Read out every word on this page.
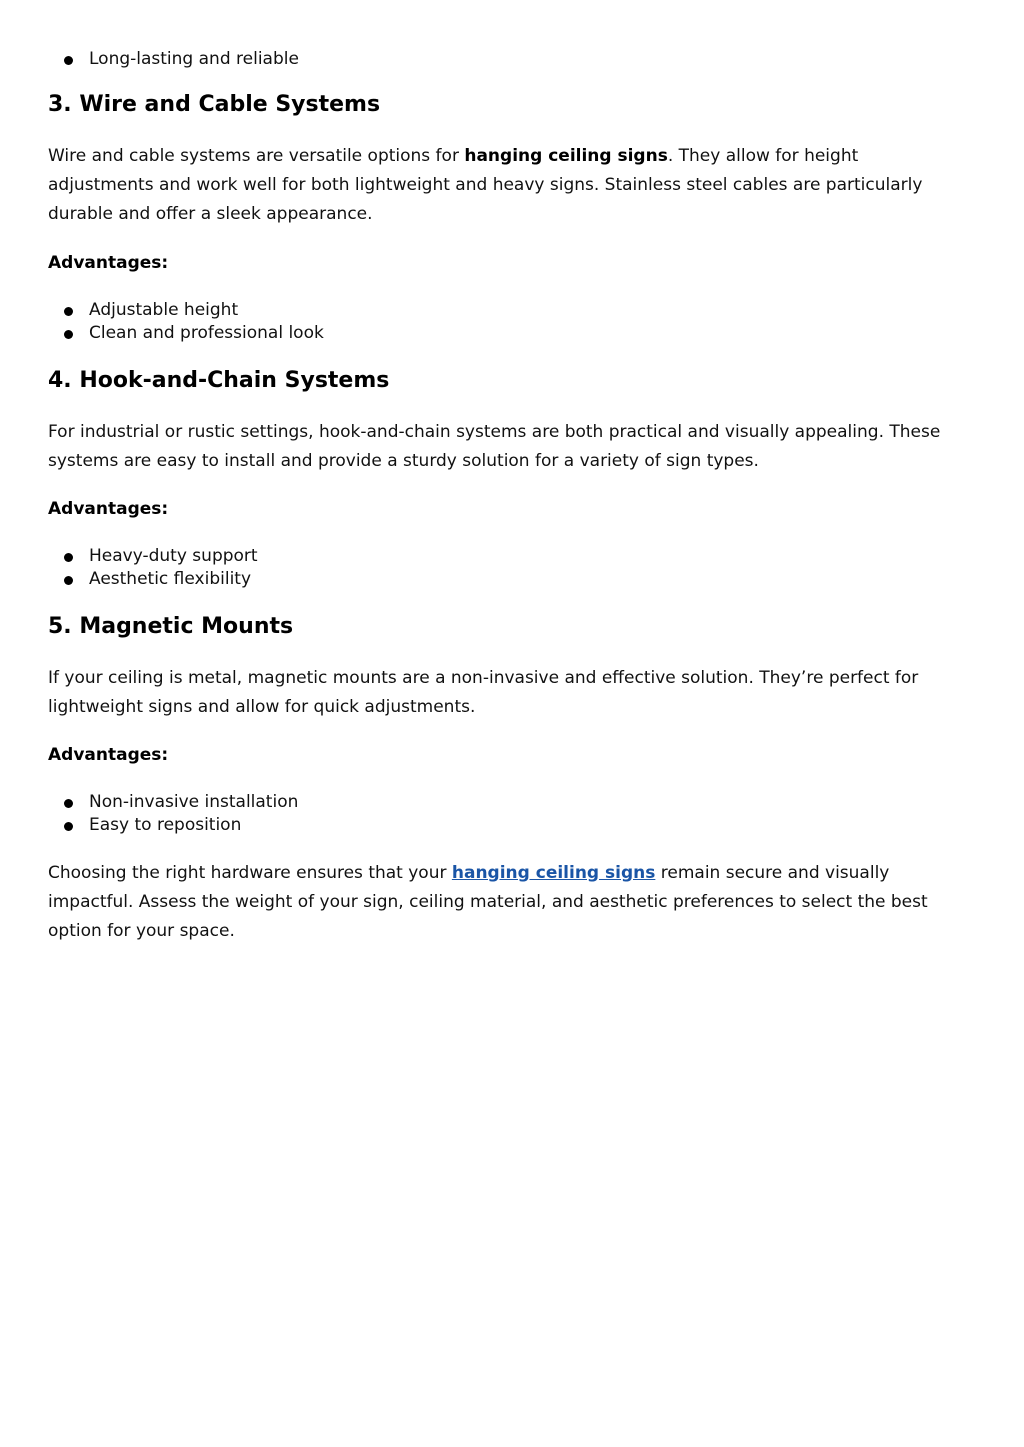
Long-lasting and reliable
3. Wire and Cable Systems

Wire and cable systems are versatile options for hanging ceiling signs. They allow for height adjustments and work well for both lightweight and heavy signs. Stainless steel cables are particularly durable and offer a sleek appearance.

Advantages:
Adjustable height
Clean and professional look
4. Hook-and-Chain Systems

For industrial or rustic settings, hook-and-chain systems are both practical and visually appealing. These systems are easy to install and provide a sturdy solution for a variety of sign types.

Advantages:
Heavy-duty support
Aesthetic flexibility
5. Magnetic Mounts

If your ceiling is metal, magnetic mounts are a non-invasive and effective solution. They’re perfect for lightweight signs and allow for quick adjustments.

Advantages:
Non-invasive installation
Easy to reposition

Choosing the right hardware ensures that your hanging ceiling signs remain secure and visually impactful. Assess the weight of your sign, ceiling material, and aesthetic preferences to select the best option for your space.
